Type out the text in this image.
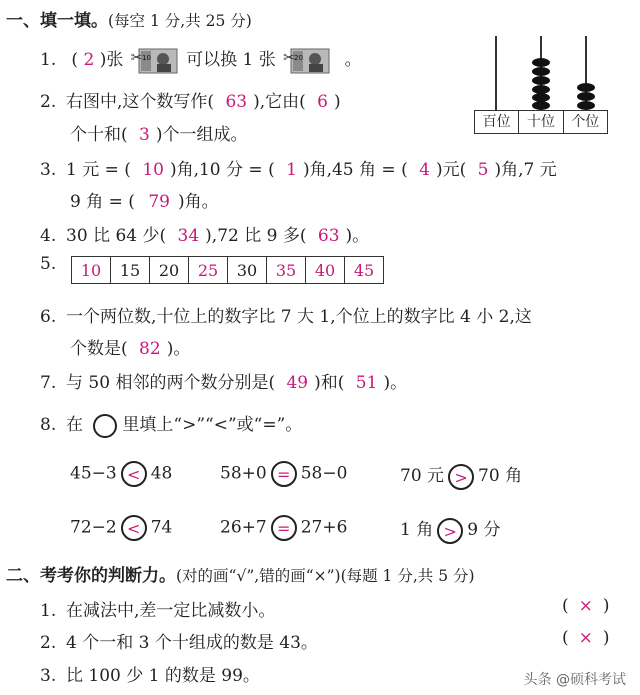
一、填一填。(每空 1 分,共 25 分)
1. ( 2 )张 ✂ 10 可以换 1 张 ✂ 20 。
百位	十位	个位
2. 右图中,这个数写作( 63 ),它由( 6 )
个十和( 3 )个一组成。
3. 1 元 = ( 10 )角,10 分 = ( 1 )角,45 角 = ( 4 )元( 5 )角,7 元
9 角 = ( 79 )角。
4. 30 比 64 少( 34 ),72 比 9 多( 63 )。
5.	10	15	20	25	30	35	40	45
6. 一个两位数,十位上的数字比 7 大 1,个位上的数字比 4 小 2,这
个数是( 82 )。
7. 与 50 相邻的两个数分别是( 49 )和( 51 )。
8. 在 里填上“>”“<”或“=”。
45−3 < 48	58+0 = 58−0	70 元 > 70 角
72−2 < 74	26+7 = 27+6	1 角 > 9 分
二、考考你的判断力。(对的画“√”,错的画“×”)(每题 1 分,共 5 分)
1. 在减法中,差一定比减数小。	( × )
2. 4 个一和 3 个十组成的数是 43。	( × )
3. 比 100 少 1 的数是 99。	头条 @硕科考试
